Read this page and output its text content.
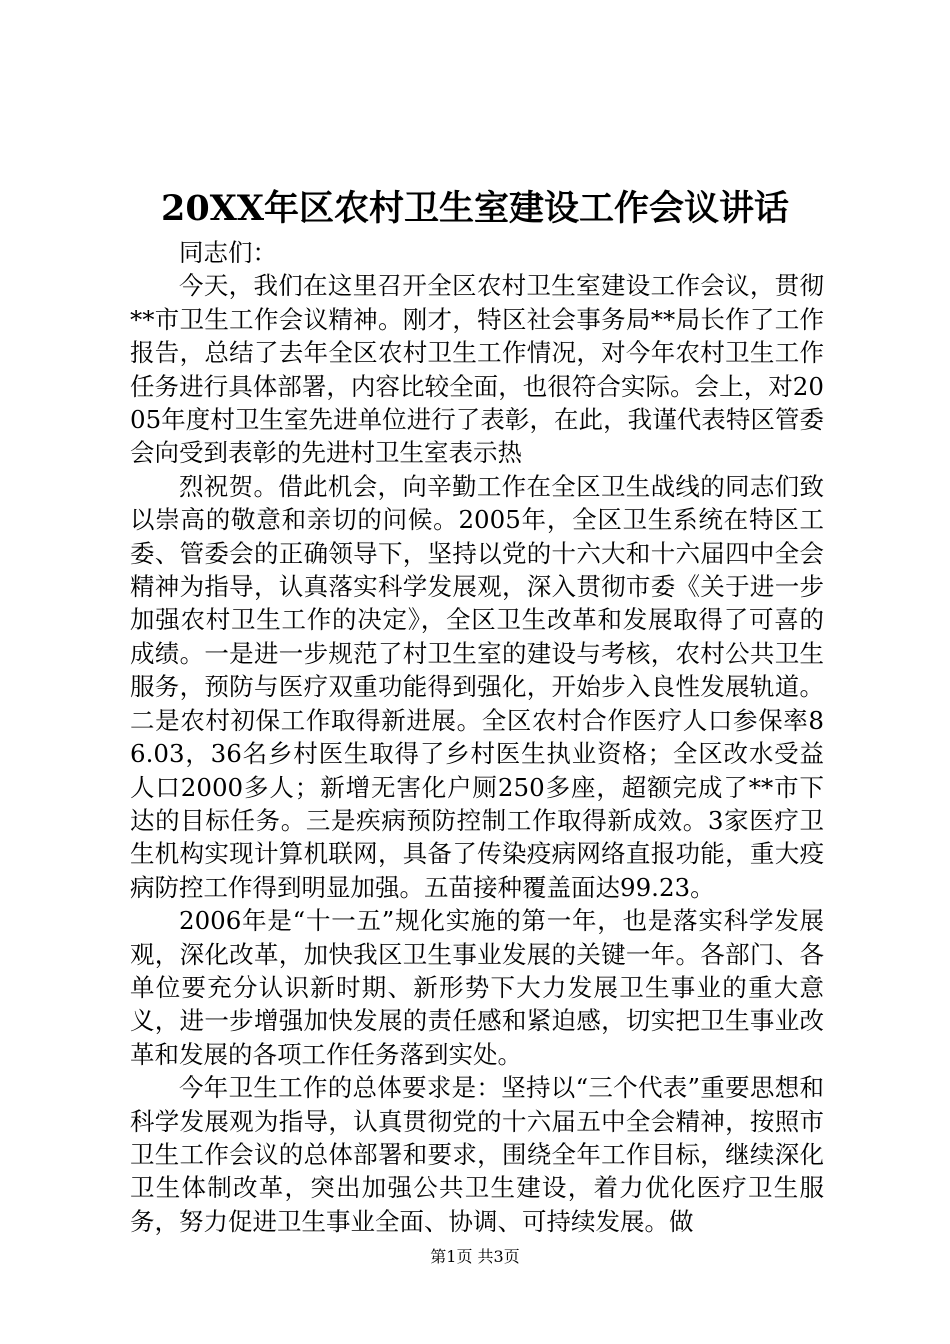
20XX年区农村卫生室建设工作会议讲话

同志们：

今天，我们在这里召开全区农村卫生室建设工作会议，贯彻**市卫生工作会议精神。刚才，特区社会事务局**局长作了工作报告，总结了去年全区农村卫生工作情况，对今年农村卫生工作任务进行具体部署，内容比较全面，也很符合实际。会上，对2005年度村卫生室先进单位进行了表彰，在此，我谨代表特区管委会向受到表彰的先进村卫生室表示热

烈祝贺。借此机会，向辛勤工作在全区卫生战线的同志们致以崇高的敬意和亲切的问候。2005年，全区卫生系统在特区工委、管委会的正确领导下，坚持以党的十六大和十六届四中全会精神为指导，认真落实科学发展观，深入贯彻市委《关于进一步加强农村卫生工作的决定》，全区卫生改革和发展取得了可喜的成绩。一是进一步规范了村卫生室的建设与考核，农村公共卫生服务，预防与医疗双重功能得到强化，开始步入良性发展轨道。二是农村初保工作取得新进展。全区农村合作医疗人口参保率86.03，36名乡村医生取得了乡村医生执业资格；全区改水受益人口2000多人；新增无害化户厕250多座，超额完成了**市下达的目标任务。三是疾病预防控制工作取得新成效。3家医疗卫生机构实现计算机联网，具备了传染疫病网络直报功能，重大疫病防控工作得到明显加强。五苗接种覆盖面达99.23。

2006年是“十一五”规化实施的第一年，也是落实科学发展观，深化改革，加快我区卫生事业发展的关键一年。各部门、各单位要充分认识新时期、新形势下大力发展卫生事业的重大意义，进一步增强加快发展的责任感和紧迫感，切实把卫生事业改革和发展的各项工作任务落到实处。

今年卫生工作的总体要求是：坚持以“三个代表”重要思想和科学发展观为指导，认真贯彻党的十六届五中全会精神，按照市卫生工作会议的总体部署和要求，围绕全年工作目标，继续深化卫生体制改革，突出加强公共卫生建设，着力优化医疗卫生服务，努力促进卫生事业全面、协调、可持续发展。做

第1页 共3页
